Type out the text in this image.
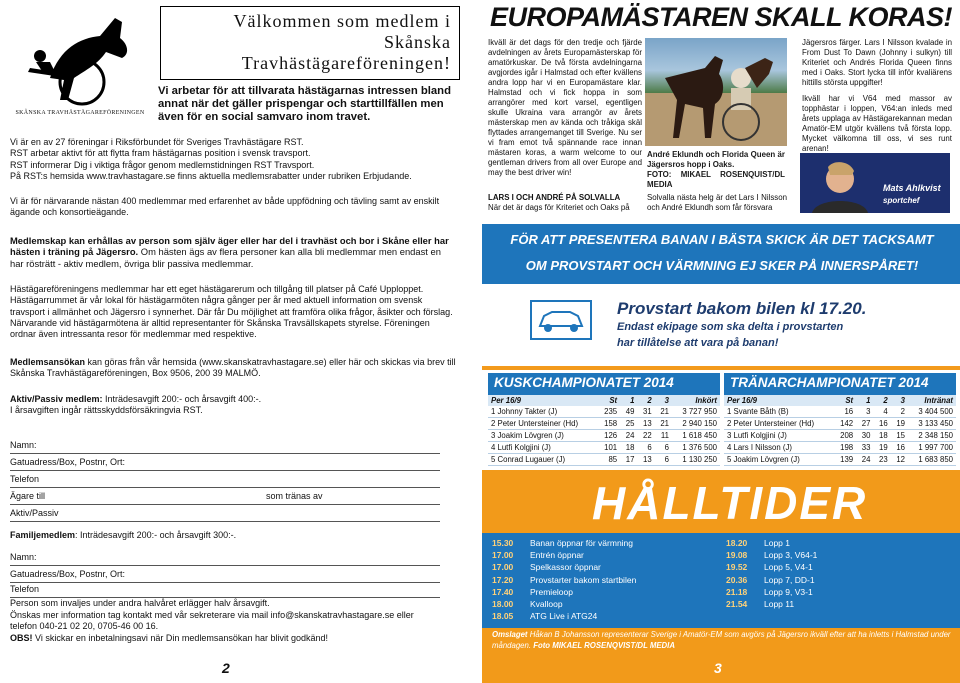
SKÅNSKA TRAVHÄSTÄGAREFÖRENINGEN
Välkommen som medlem i
Skånska
Travhästägareföreningen!
Vi arbetar för att tillvarata hästägarnas intressen bland annat när det gäller prispengar och starttillfällen men även för en social samvaro inom travet.
Vi är en av 27 föreningar i Riksförbundet för Sveriges Travhästägare RST.
RST arbetar aktivt för att flytta fram hästägarnas position i svensk travsport.
RST informerar Dig i viktiga frågor genom medlemstidningen RST Travsport.
På RST:s hemsida www.travhastagare.se finns aktuella medlemsrabatter under rubriken Erbjudande.
Vi är för närvarande nästan 400 medlemmar med erfarenhet av både uppfödning och tävling samt av enskilt ägande och konsortieägande.
Medlemskap kan erhållas av person som själv äger eller har del i travhäst och bor i Skåne eller har hästen i träning på Jägersro. Om hästen ägs av flera personer kan alla bli medlemmar men endast en har rösträtt - aktiv medlem, övriga blir passiva medlemmar.
Hästägareföreningens medlemmar har ett eget hästägarerum och tillgång till platser på Café Upploppet. Hästägarrummet är vår lokal för hästägarmöten några gånger per år med aktuell information om svensk travsport i allmänhet och Jägersro i synnerhet. Där får Du möjlighet att framföra olika frågor, åsikter och förslag. Närvarande vid hästägarmötena är alltid representanter för Skånska Travsällskapets styrelse. Föreningen ordnar även intressanta resor för medlemmar med respektive.
Medlemsansökan kan göras från vår hemsida (www.skanskatravhastagare.se) eller här och skickas via brev till Skånska Travhästägareföreningen, Box 9506, 200 39 MALMÖ.
Aktiv/Passiv medlem: Inträdesavgift 200:- och årsavgift 400:-.
I årsavgiften ingår rättsskyddsförsäkringvia RST.
Namn:
Gatuadress/Box, Postnr, Ort:
Telefon
Ägare till	som tränas av
Aktiv/Passiv
Familjemedlem: Inträdesavgift 200:- och årsavgift 300:-.
Namn:
Gatuadress/Box, Postnr, Ort:
Telefon
Person som invaljes under andra halvåret erlägger halv årsavgift.
Önskas mer information tag kontakt med vår sekreterare via mail info@skanskatravhastagare.se eller
telefon 040-21 02 20, 0705-46 00 16.
OBS! Vi skickar en inbetalningsavi när Din medlemsansökan har blivit godkänd!
2
EUROPAMÄSTAREN SKALL KORAS!
Ikväll är det dags för den tredje och fjärde avdelningen av årets Europamästerskap för amatörkuskar. De två första avdelningarna avgjordes igår i Halmstad och efter kvällens andra lopp har vi en Europamästare klar. Halmstad och vi fick hoppa in som arrangörer med kort varsel, egentligen skulle Ukraina vara arrangör av årets mästerskap men av kända och tråkiga skäl flyttades arrangemanget till Sverige. Nu ser vi fram emot två spännande race innan mästaren koras, a warm welcome to our gentleman drivers from all over Europe and may the best driver win!
LARS I OCH ANDRÉ PÅ SOLVALLA
När det är dags för Kriteriet och Oaks på
André Eklundh och Florida Queen är Jägersros hopp i Oaks.
FOTO: MIKAEL ROSENQUIST/DL MEDIA
Solvalla nästa helg är det Lars I Nilsson och André Eklundh som får försvara
Jägersros färger. Lars I Nilsson kvalade in From Dust To Dawn (Johnny i sulkyn) till Kriteriet och Andrés Florida Queen finns med i Oaks. Stort lycka till inför kvaliärens hittills största uppgifter!
Ikväll har vi V64 med massor av topphästar i loppen, V64:an inleds med årets upplaga av Hästägarekannan medan Amatör-EM utgör kvällens två första lopp. Mycket välkomna till oss, vi ses runt arenan!
Mats Ahlkvist
sportchef
FÖR ATT PRESENTERA BANAN I BÄSTA SKICK ÄR DET TACKSAMT
OM PROVSTART OCH VÄRMNING EJ SKER PÅ INNERSPÅRET!
Provstart bakom bilen kl 17.20.
Endast ekipage som ska delta i provstarten
har tillåtelse att vara på banan!
KUSKCHAMPIONATET 2014
Per 16/9	St	1	2	3	Inkört
1 Johnny Takter (J)	235	49	31	21	3 727 950
2 Peter Untersteiner (Hd)	158	25	13	21	2 940 150
3 Joakim Lövgren (J)	126	24	22	11	1 618 450
4 Lutfi Kolgjini (J)	101	18	6	6	1 376 500
5 Conrad Lugauer (J)	85	17	13	6	1 130 250
TRÄNARCHAMPIONATET 2014
Per 16/9	St	1	2	3	Intränat
1 Svante Båth (B)	16	3	4	2	3 404 500
2 Peter Untersteiner (Hd)	142	27	16	19	3 133 450
3 Lutfi Kolgjini (J)	208	30	18	15	2 348 150
4 Lars I Nilsson (J)	198	33	19	16	1 997 700
5 Joakim Lövgren (J)	139	24	23	12	1 683 850
HÅLLTIDER
15.30 Banan öppnar för värmning
17.00 Entrén öppnar
17.00 Spelkassor öppnar
17.20 Provstarter bakom startbilen
17.40 Premieloop
18.00 Kvalloop
18.05 ATG Live i ATG24
18.20 Lopp 1
19.08 Lopp 3, V64-1
19.52 Lopp 5, V4-1
20.36 Lopp 7, DD-1
21.18 Lopp 9, V3-1
21.54 Lopp 11
Omslaget Håkan B Johansson representerar Sverige i Amatör-EM som avgörs på Jägersro ikväll efter att ha inletts i Halmstad under måndagen. Foto MIKAEL ROSENQVIST/DL MEDIA
3
